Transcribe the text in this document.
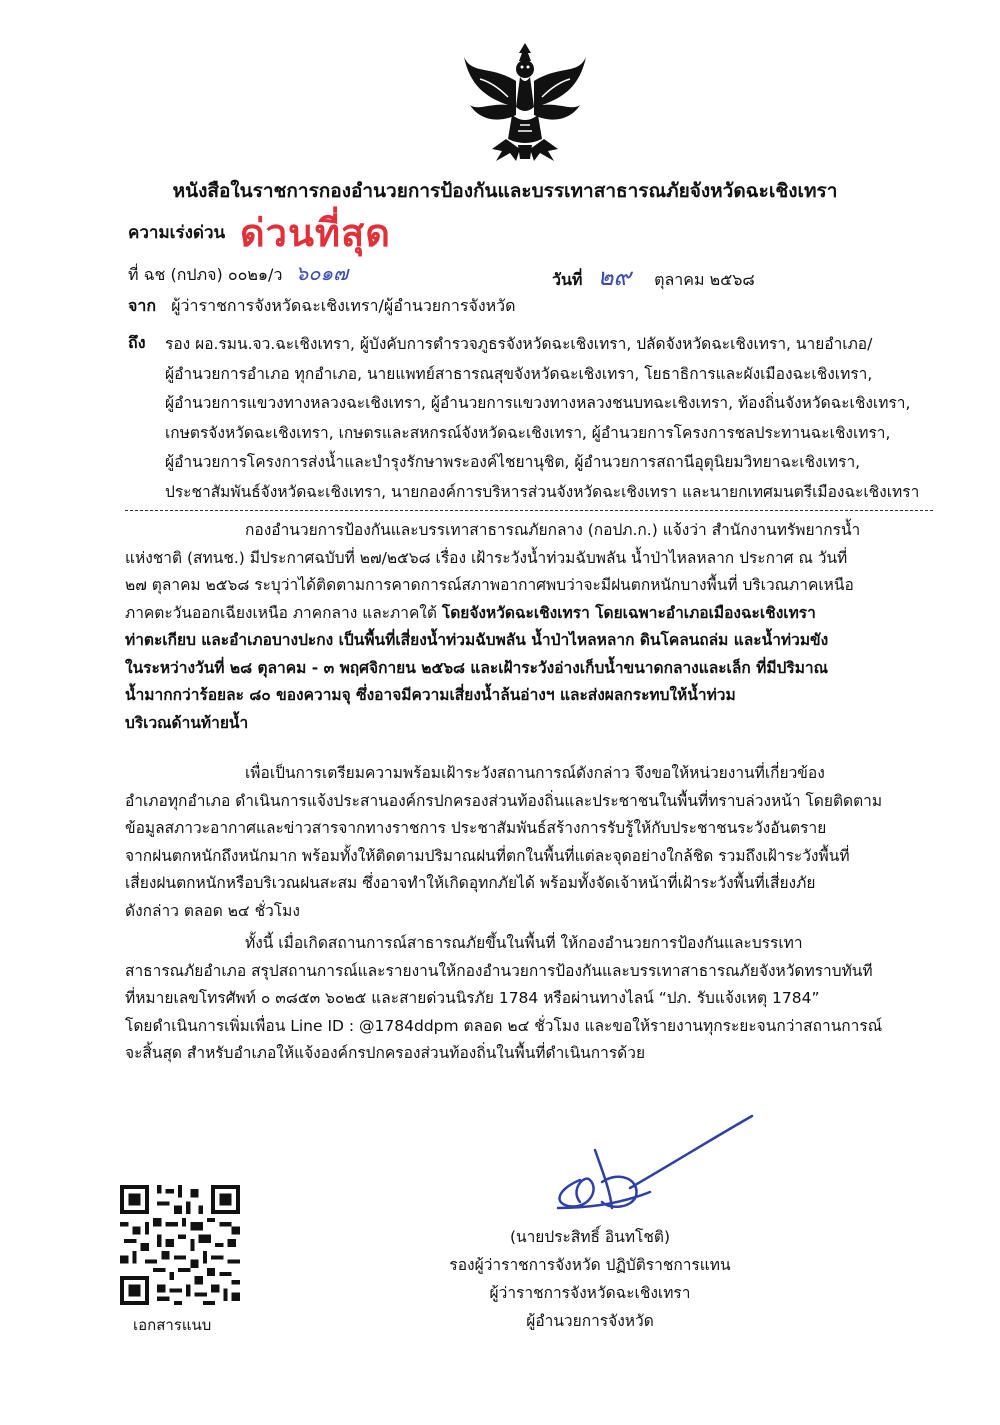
หนังสือในราชการกองอำนวยการป้องกันและบรรเทาสาธารณภัยจังหวัดฉะเชิงเทรา
ความเร่งด่วน ด่วนที่สุด
ที่ ฉช (กปภจ) ๐๐๒๑/ว ๖๐๑๗	วันที่ ๒๙ ตุลาคม ๒๕๖๘
จาก ผู้ว่าราชการจังหวัดฉะเชิงเทรา/ผู้อำนวยการจังหวัด
ถึง รอง ผอ.รมน.จว.ฉะเชิงเทรา, ผู้บังคับการตำรวจภูธรจังหวัดฉะเชิงเทรา, ปลัดจังหวัดฉะเชิงเทรา, นายอำเภอ/
ผู้อำนวยการอำเภอ ทุกอำเภอ, นายแพทย์สาธารณสุขจังหวัดฉะเชิงเทรา, โยธาธิการและผังเมืองฉะเชิงเทรา,
ผู้อำนวยการแขวงทางหลวงฉะเชิงเทรา, ผู้อำนวยการแขวงทางหลวงชนบทฉะเชิงเทรา, ท้องถิ่นจังหวัดฉะเชิงเทรา,
เกษตรจังหวัดฉะเชิงเทรา, เกษตรและสหกรณ์จังหวัดฉะเชิงเทรา, ผู้อำนวยการโครงการชลประทานฉะเชิงเทรา,
ผู้อำนวยการโครงการส่งน้ำและบำรุงรักษาพระองค์ไชยานุชิต, ผู้อำนวยการสถานีอุตุนิยมวิทยาฉะเชิงเทรา,
ประชาสัมพันธ์จังหวัดฉะเชิงเทรา, นายกองค์การบริหารส่วนจังหวัดฉะเชิงเทรา และนายกเทศมนตรีเมืองฉะเชิงเทรา
กองอำนวยการป้องกันและบรรเทาสาธารณภัยกลาง (กอปภ.ก.) แจ้งว่า สำนักงานทรัพยากรน้ำ
แห่งชาติ (สทนช.) มีประกาศฉบับที่ ๒๗/๒๕๖๘ เรื่อง เฝ้าระวังน้ำท่วมฉับพลัน น้ำป่าไหลหลาก ประกาศ ณ วันที่
๒๗ ตุลาคม ๒๕๖๘ ระบุว่าได้ติดตามการคาดการณ์สภาพอากาศพบว่าจะมีฝนตกหนักบางพื้นที่ บริเวณภาคเหนือ
ภาคตะวันออกเฉียงเหนือ ภาคกลาง และภาคใต้ โดยจังหวัดฉะเชิงเทรา โดยเฉพาะอำเภอเมืองฉะเชิงเทรา
ท่าตะเกียบ และอำเภอบางปะกง เป็นพื้นที่เสี่ยงน้ำท่วมฉับพลัน น้ำป่าไหลหลาก ดินโคลนถล่ม และน้ำท่วมขัง
ในระหว่างวันที่ ๒๘ ตุลาคม - ๓ พฤศจิกายน ๒๕๖๘ และเฝ้าระวังอ่างเก็บน้ำขนาดกลางและเล็ก ที่มีปริมาณ
น้ำมากกว่าร้อยละ ๘๐ ของความจุ ซึ่งอาจมีความเสี่ยงน้ำล้นอ่างฯ และส่งผลกระทบให้น้ำท่วม
บริเวณด้านท้ายน้ำ
เพื่อเป็นการเตรียมความพร้อมเฝ้าระวังสถานการณ์ดังกล่าว จึงขอให้หน่วยงานที่เกี่ยวข้อง
อำเภอทุกอำเภอ ดำเนินการแจ้งประสานองค์กรปกครองส่วนท้องถิ่นและประชาชนในพื้นที่ทราบล่วงหน้า โดยติดตาม
ข้อมูลสภาวะอากาศและข่าวสารจากทางราชการ ประชาสัมพันธ์สร้างการรับรู้ให้กับประชาชนระวังอันตราย
จากฝนตกหนักถึงหนักมาก พร้อมทั้งให้ติดตามปริมาณฝนที่ตกในพื้นที่แต่ละจุดอย่างใกล้ชิด รวมถึงเฝ้าระวังพื้นที่
เสี่ยงฝนตกหนักหรือบริเวณฝนสะสม ซึ่งอาจทำให้เกิดอุทกภัยได้ พร้อมทั้งจัดเจ้าหน้าที่เฝ้าระวังพื้นที่เสี่ยงภัย
ดังกล่าว ตลอด ๒๔ ชั่วโมง
ทั้งนี้ เมื่อเกิดสถานการณ์สาธารณภัยขึ้นในพื้นที่ ให้กองอำนวยการป้องกันและบรรเทา
สาธารณภัยอำเภอ สรุปสถานการณ์และรายงานให้กองอำนวยการป้องกันและบรรเทาสาธารณภัยจังหวัดทราบทันที
ที่หมายเลขโทรศัพท์ ๐ ๓๘๕๓ ๖๐๒๕ และสายด่วนนิรภัย 1784 หรือผ่านทางไลน์ “ปภ. รับแจ้งเหตุ 1784”
โดยดำเนินการเพิ่มเพื่อน Line ID : @1784ddpm ตลอด ๒๔ ชั่วโมง และขอให้รายงานทุกระยะจนกว่าสถานการณ์
จะสิ้นสุด สำหรับอำเภอให้แจ้งองค์กรปกครองส่วนท้องถิ่นในพื้นที่ดำเนินการด้วย
(นายประสิทธิ์ อินทโชติ)
รองผู้ว่าราชการจังหวัด ปฏิบัติราชการแทน
ผู้ว่าราชการจังหวัดฉะเชิงเทรา
ผู้อำนวยการจังหวัด
เอกสารแนบ
